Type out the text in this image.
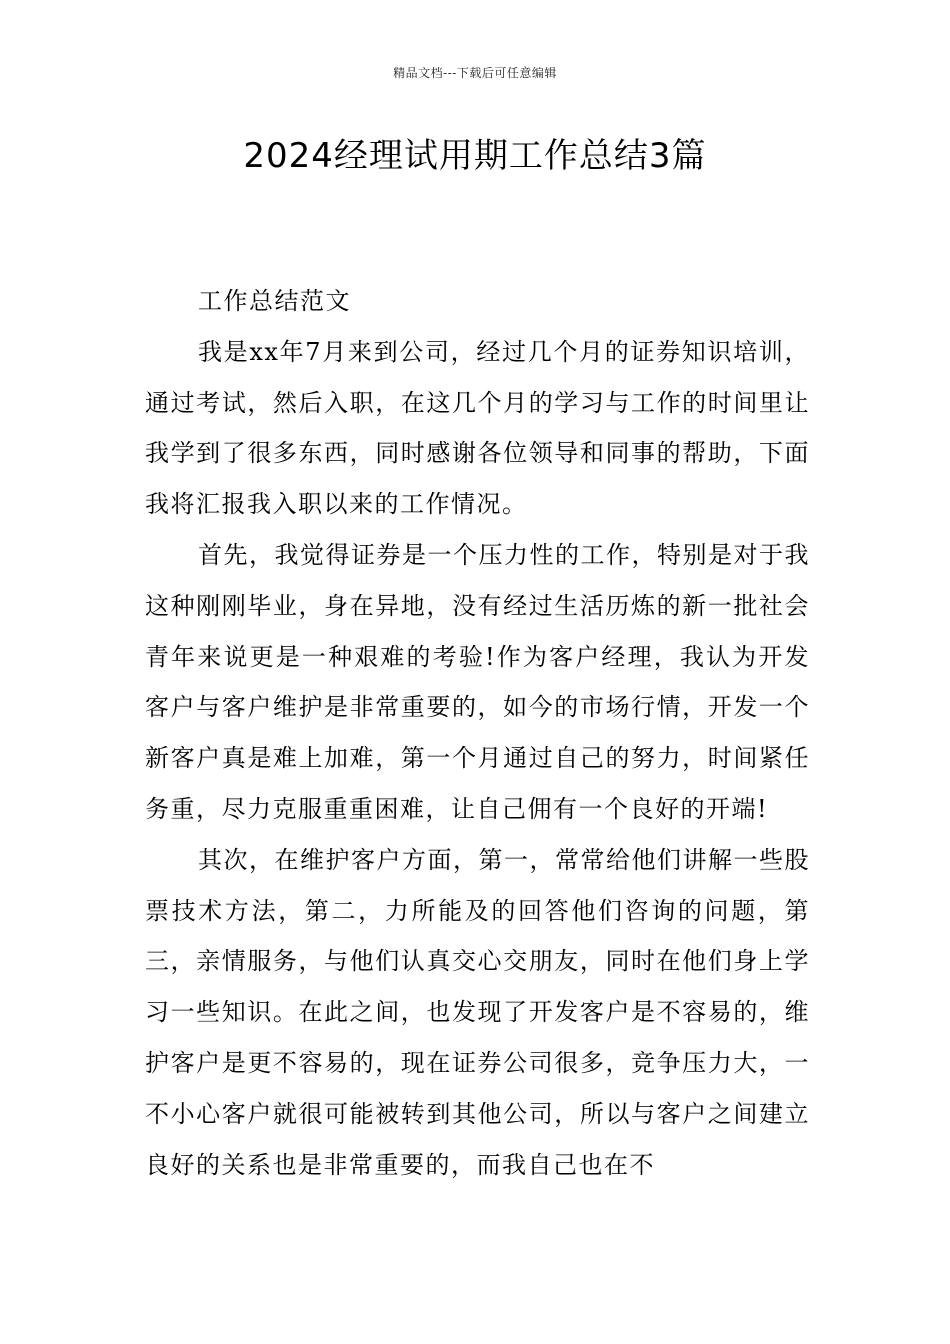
精品文档---下载后可任意编辑
2024经理试用期工作总结3篇

工作总结范文

我是xx年7月来到公司，经过几个月的证券知识培训，通过考试，然后入职，在这几个月的学习与工作的时间里让我学到了很多东西，同时感谢各位领导和同事的帮助，下面我将汇报我入职以来的工作情况。

首先，我觉得证券是一个压力性的工作，特别是对于我这种刚刚毕业，身在异地，没有经过生活历炼的新一批社会青年来说更是一种艰难的考验!作为客户经理，我认为开发客户与客户维护是非常重要的，如今的市场行情，开发一个新客户真是难上加难，第一个月通过自己的努力，时间紧任务重，尽力克服重重困难，让自己佣有一个良好的开端!

其次，在维护客户方面，第一，常常给他们讲解一些股票技术方法，第二，力所能及的回答他们咨询的问题，第三，亲情服务，与他们认真交心交朋友，同时在他们身上学习一些知识。在此之间，也发现了开发客户是不容易的，维护客户是更不容易的，现在证券公司很多，竞争压力大，一不小心客户就很可能被转到其他公司，所以与客户之间建立良好的关系也是非常重要的，而我自己也在不
